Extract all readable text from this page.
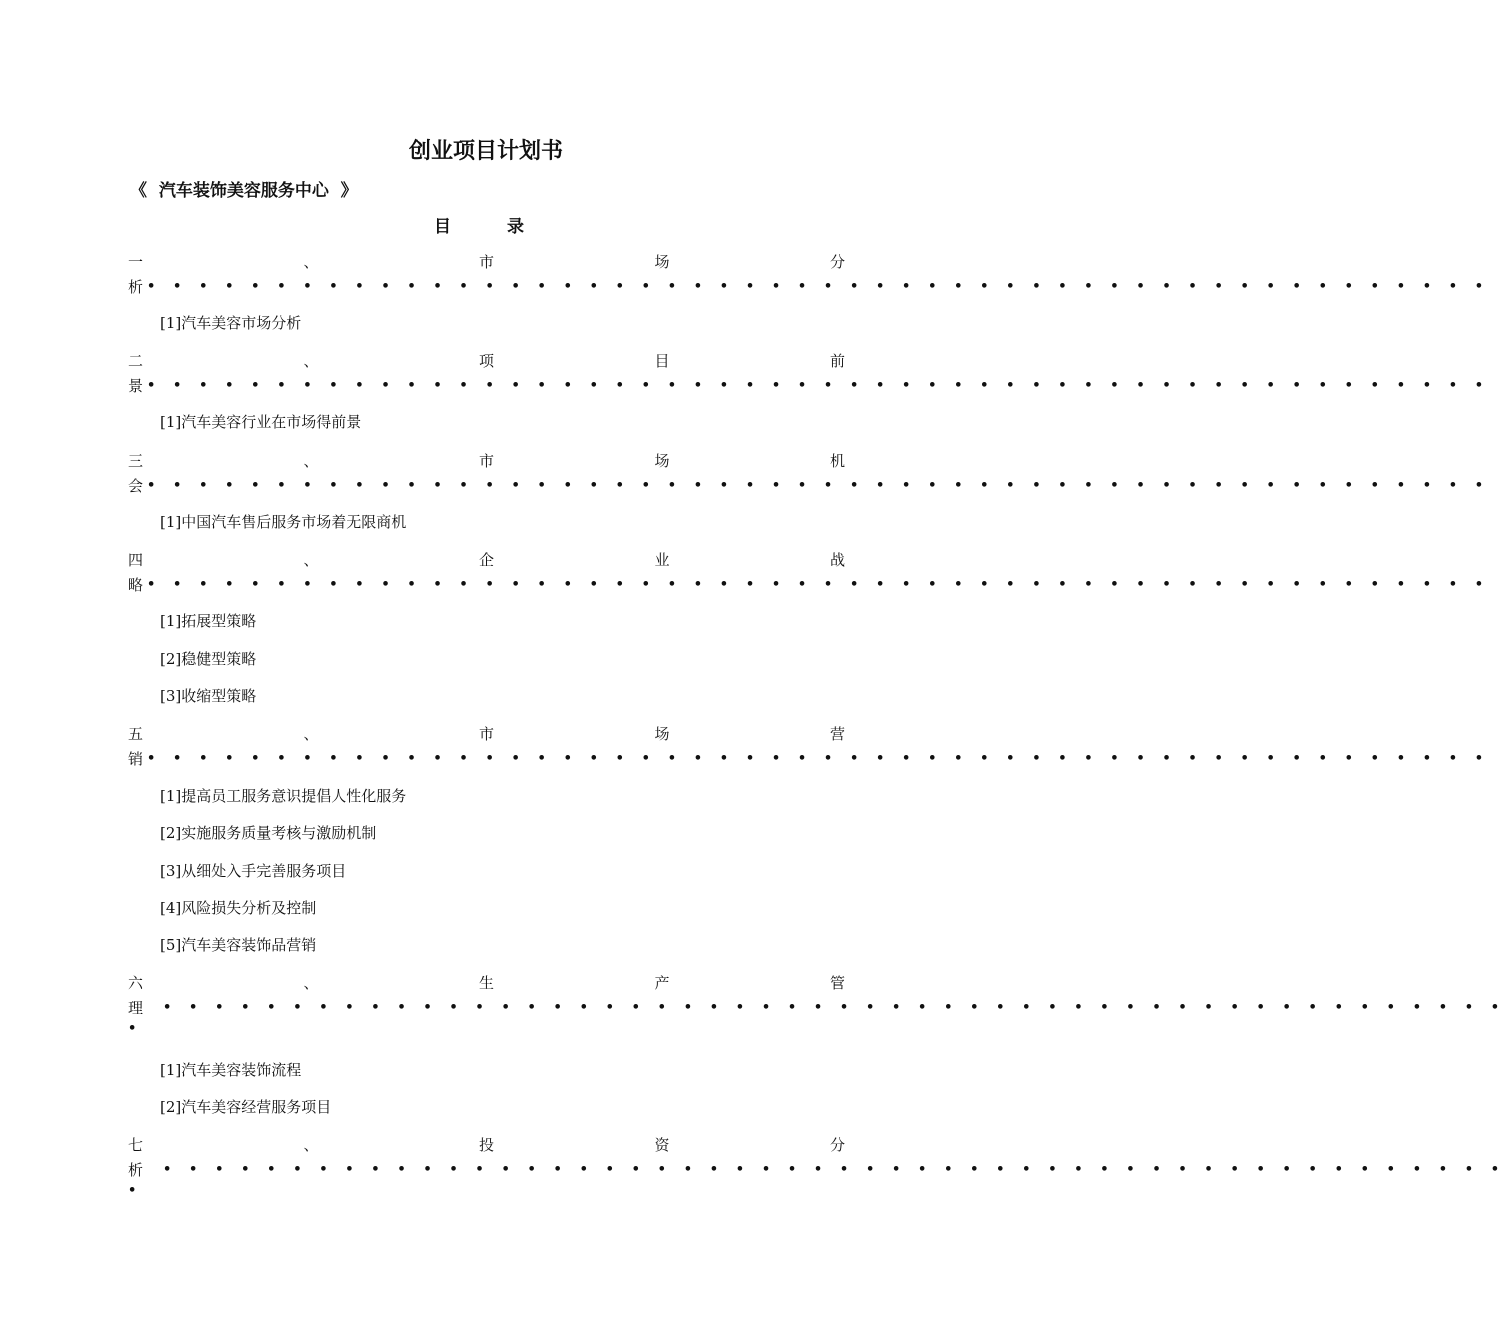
创业项目计划书
《  汽车装饰美容服务中心  》
目	录
一	、	市	场	分
析 • • • • • • • • • • • • • • • • • • • • • • • • • • • • • • • • • • • • • • • • • • • • • • • • • • • •
[1]汽车美容市场分析
二	、	项	目	前
景 • • • • • • • • • • • • • • • • • • • • • • • • • • • • • • • • • • • • • • • • • • • • • • • • • • • •
[1]汽车美容行业在市场得前景
三	、	市	场	机
会 • • • • • • • • • • • • • • • • • • • • • • • • • • • • • • • • • • • • • • • • • • • • • • • • • • • •
[1]中国汽车售后服务市场着无限商机
四	、	企	业	战
略 • • • • • • • • • • • • • • • • • • • • • • • • • • • • • • • • • • • • • • • • • • • • • • • • • • • •
[1]拓展型策略
[2]稳健型策略
[3]收缩型策略
五	、	市	场	营
销 • • • • • • • • • • • • • • • • • • • • • • • • • • • • • • • • • • • • • • • • • • • • • • • • • • • •
[1]提高员工服务意识提倡人性化服务
[2]实施服务质量考核与激励机制
[3]从细处入手完善服务项目
[4]风险损失分析及控制
[5]汽车美容装饰品营销
六	、	生	产	管
理 • • • • • • • • • • • • • • • • • • • • • • • • • • • • • • • • • • • • • • • • • • • • • • • • • • • •
•
[1]汽车美容装饰流程
[2]汽车美容经营服务项目
七	、	投	资	分
析 • • • • • • • • • • • • • • • • • • • • • • • • • • • • • • • • • • • • • • • • • • • • • • • • • • • •
•
